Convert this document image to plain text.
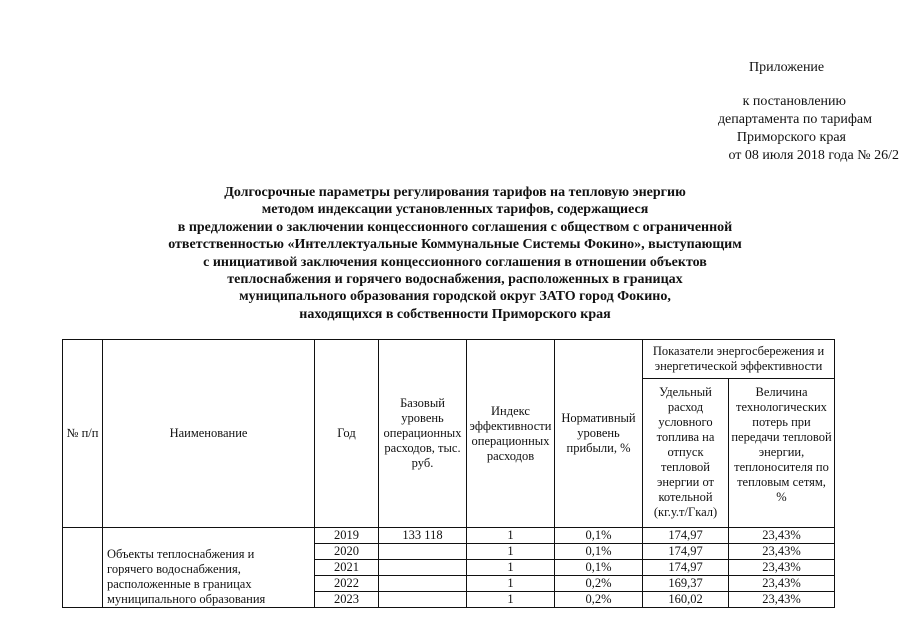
Приложение
к постановлению
департамента по тарифам
Приморского края
от 08 июля 2018 года № 26/2
Долгосрочные параметры регулирования тарифов на тепловую энергию
методом индексации установленных тарифов, содержащиеся
в предложении о заключении концессионного соглашения с обществом с ограниченной
ответственностью «Интеллектуальные Коммунальные Системы Фокино», выступающим
с инициативой заключения концессионного соглашения в отношении объектов
теплоснабжения и горячего водоснабжения, расположенных в границах
муниципального образования городской округ ЗАТО город Фокино,
находящихся в собственности Приморского края
№ п/п	Наименование	Год	Базовый уровень операционных расходов, тыс. руб.	Индекс эффективности операционных расходов	Нормативный уровень прибыли, %	Показатели энергосбережения и энергетической эффективности	
						Удельный расход условного топлива на отпуск тепловой энергии от котельной (кг.у.т/Гкал)	Величина технологических потерь при передачи тепловой энергии, теплоносителя по тепловым сетям, %

	Объекты теплоснабжения и
горячего водоснабжения,
расположенные в границах
муниципального образования	2019	133 118	1	0,1%	174,97	23,43%
		2020		1	0,1%	174,97	23,43%
		2021		1	0,1%	174,97	23,43%
		2022		1	0,2%	169,37	23,43%
		2023		1	0,2%	160,02	23,43%
